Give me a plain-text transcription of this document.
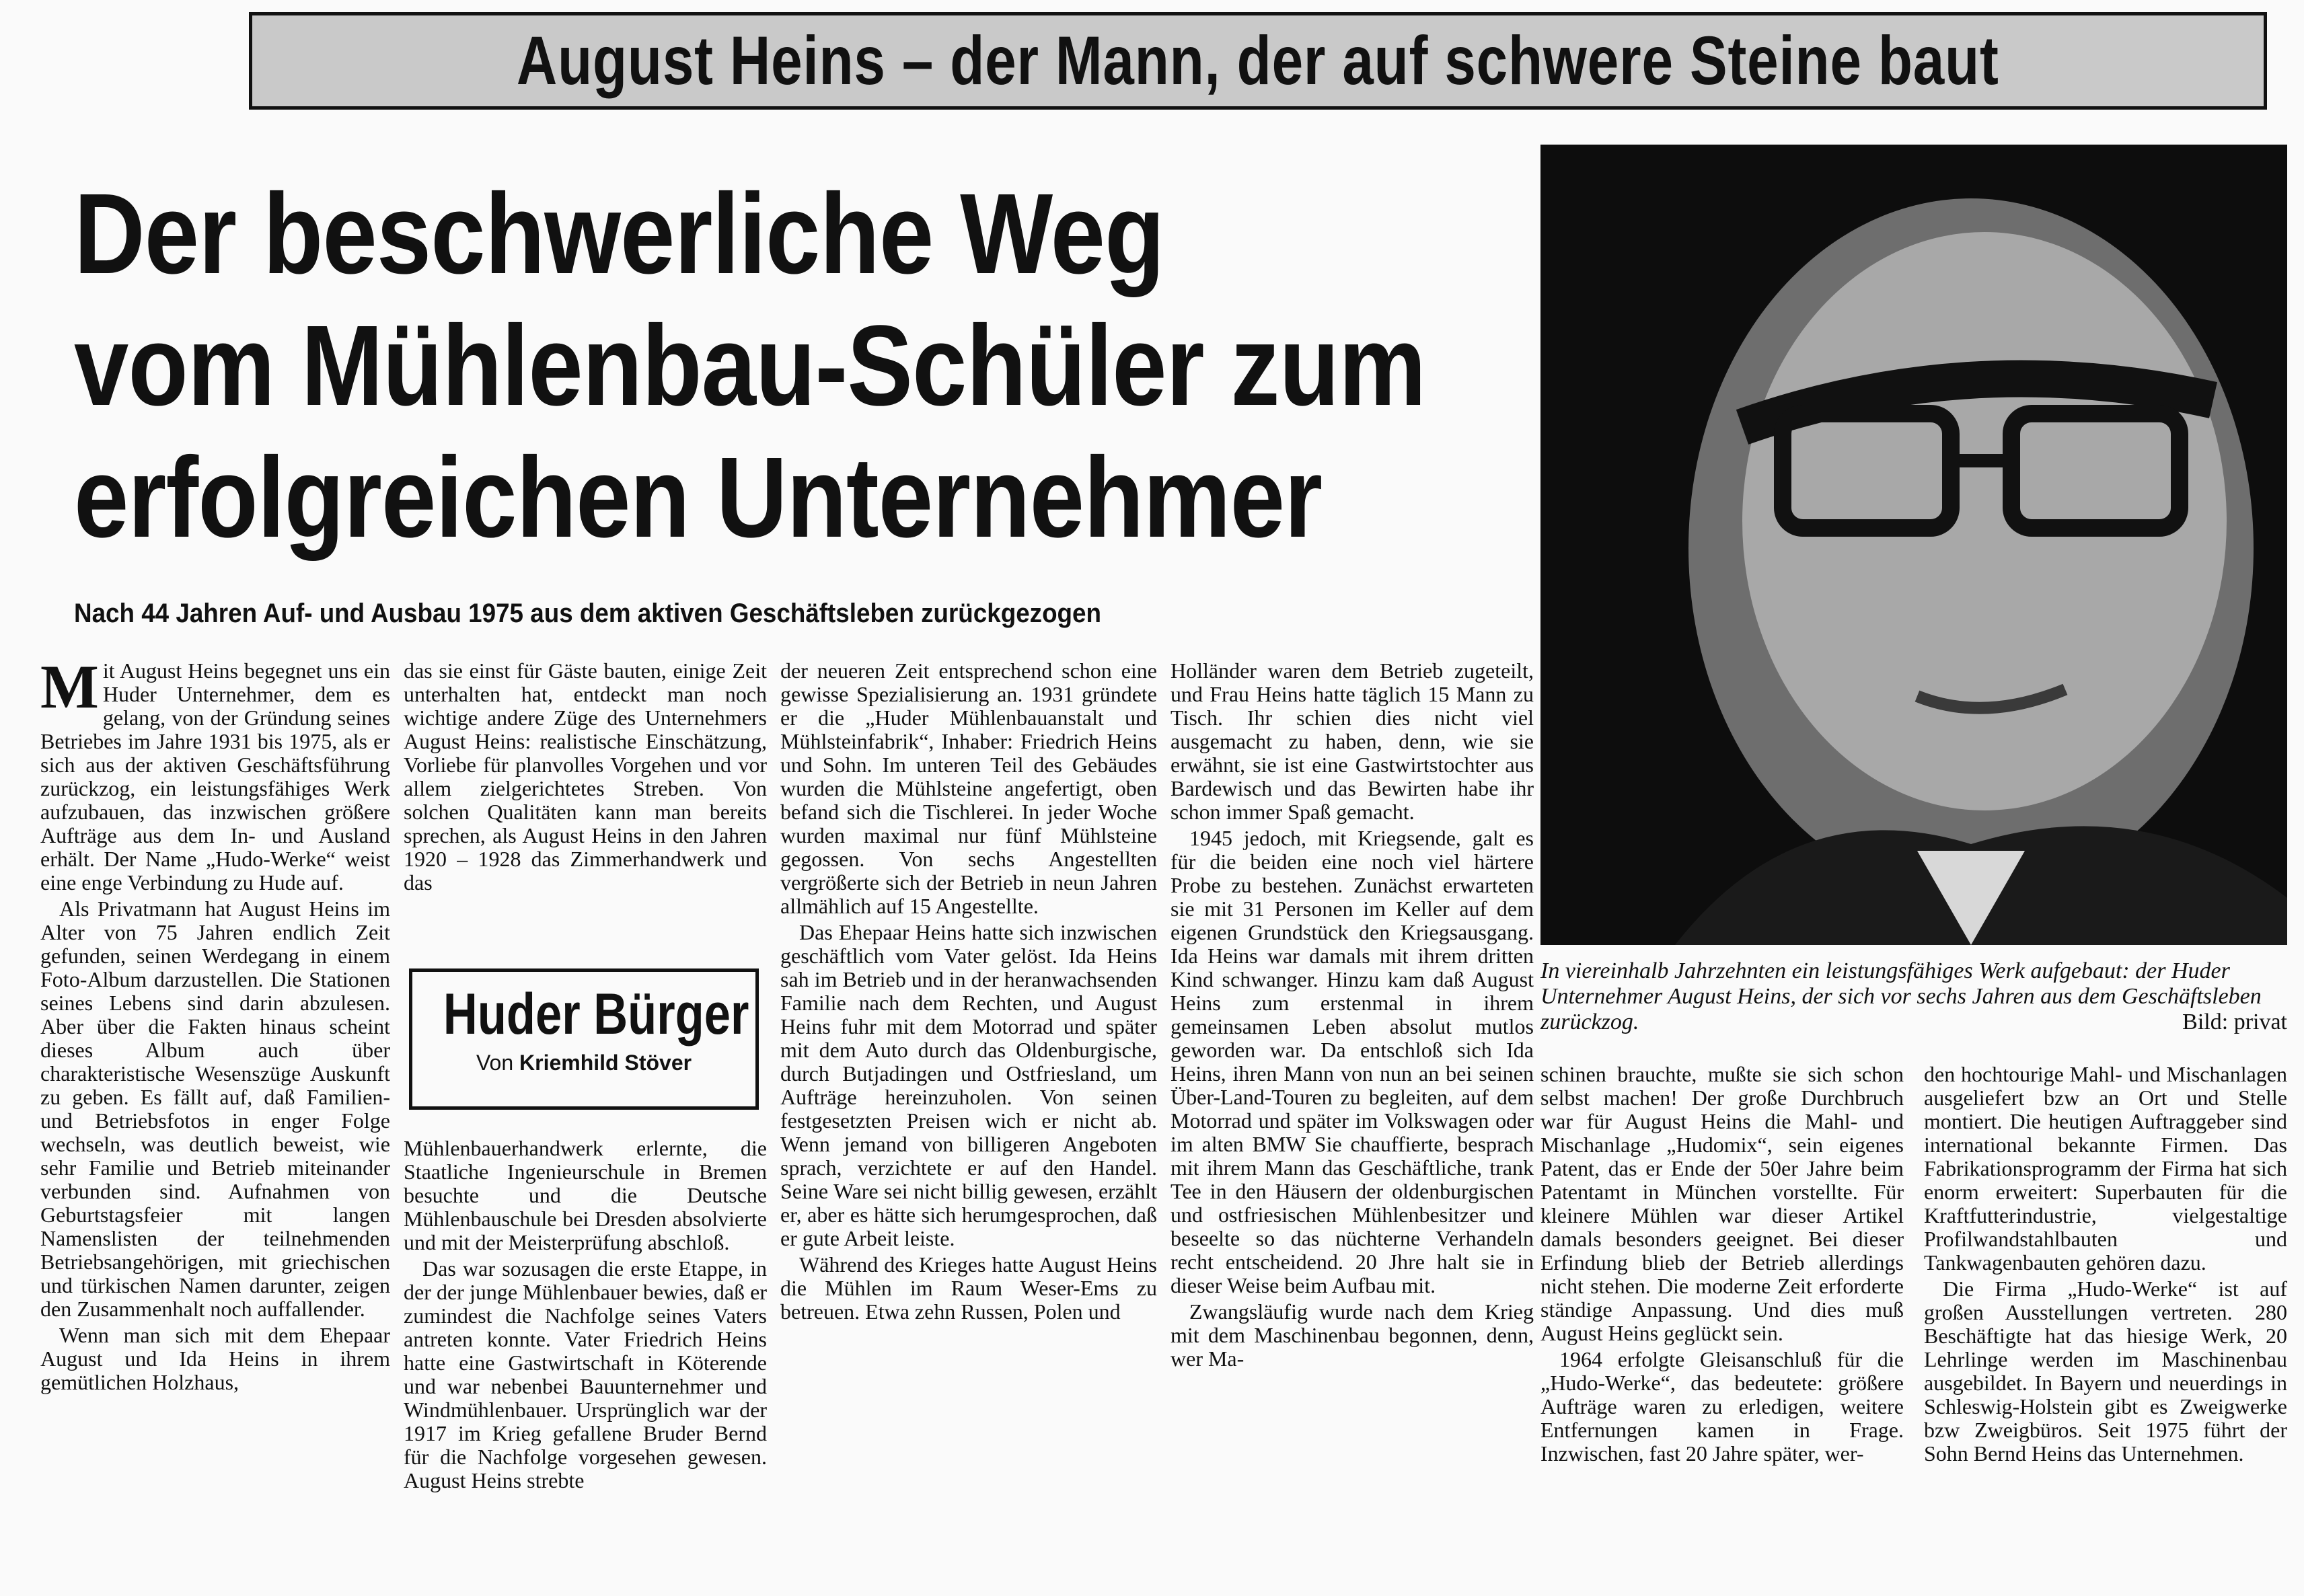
August Heins – der Mann, der auf schwere Steine baut
Der beschwerliche Weg
vom Mühlenbau-Schüler zum
erfolgreichen Unternehmer
Nach 44 Jahren Auf- und Ausbau 1975 aus dem aktiven Geschäftsleben zurückgezogen
In viereinhalb Jahrzehnten ein leistungsfähiges Werk aufgebaut: der Huder Unternehmer August Heins, der sich vor sechs Jahren aus dem Geschäftsleben zurückzog.	Bild: privat

Mit August Heins begegnet uns ein Huder Unternehmer, dem es gelang, von der Gründung seines Betriebes im Jahre 1931 bis 1975, als er sich aus der aktiven Geschäftsführung zurückzog, ein leistungsfähiges Werk aufzubauen, das inzwischen größere Aufträge aus dem In- und Ausland erhält. Der Name „Hudo-Werke“ weist eine enge Verbindung zu Hude auf.

Als Privatmann hat August Heins im Alter von 75 Jahren endlich Zeit gefunden, seinen Werdegang in einem Foto-Album darzustellen. Die Stationen seines Lebens sind darin abzulesen. Aber über die Fakten hinaus scheint dieses Album auch über charakteristische Wesenszüge Auskunft zu geben. Es fällt auf, daß Familien- und Betriebsfotos in enger Folge wechseln, was deutlich beweist, wie sehr Familie und Betrieb miteinander verbunden sind. Aufnahmen von Geburtstagsfeier mit langen Namenslisten der teilnehmenden Betriebsangehörigen, mit griechischen und türkischen Namen darunter, zeigen den Zusammenhalt noch auffallender.

Wenn man sich mit dem Ehepaar August und Ida Heins in ihrem gemütlichen Holzhaus,

das sie einst für Gäste bauten, einige Zeit unterhalten hat, entdeckt man noch wichtige andere Züge des Unternehmers August Heins: realistische Einschätzung, Vorliebe für planvolles Vorgehen und vor allem zielgerichtetes Streben. Von solchen Qualitäten kann man bereits sprechen, als August Heins in den Jahren 1920 – 1928 das Zimmerhandwerk und das

Huder Bürger
Von Kriemhild Stöver

Mühlenbauerhandwerk erlernte, die Staatliche Ingenieurschule in Bremen besuchte und die Deutsche Mühlenbauschule bei Dresden absolvierte und mit der Meisterprüfung abschloß.

Das war sozusagen die erste Etappe, in der der junge Mühlenbauer bewies, daß er zumindest die Nachfolge seines Vaters antreten konnte. Vater Friedrich Heins hatte eine Gastwirtschaft in Köterende und war nebenbei Bauunternehmer und Windmühlenbauer. Ursprünglich war der 1917 im Krieg gefallene Bruder Bernd für die Nachfolge vorgesehen gewesen. August Heins strebte

der neueren Zeit entsprechend schon eine gewisse Spezialisierung an. 1931 gründete er die „Huder Mühlenbauanstalt und Mühlsteinfabrik“, Inhaber: Friedrich Heins und Sohn. Im unteren Teil des Gebäudes wurden die Mühlsteine angefertigt, oben befand sich die Tischlerei. In jeder Woche wurden maximal nur fünf Mühlsteine gegossen. Von sechs Angestellten vergrößerte sich der Betrieb in neun Jahren allmählich auf 15 Angestellte.

Das Ehepaar Heins hatte sich inzwischen geschäftlich vom Vater gelöst. Ida Heins sah im Betrieb und in der heranwachsenden Familie nach dem Rechten, und August Heins fuhr mit dem Motorrad und später mit dem Auto durch das Oldenburgische, durch Butjadingen und Ostfriesland, um Aufträge hereinzuholen. Von seinen festgesetzten Preisen wich er nicht ab. Wenn jemand von billigeren Angeboten sprach, verzichtete er auf den Handel. Seine Ware sei nicht billig gewesen, erzählt er, aber es hätte sich herumgesprochen, daß er gute Arbeit leiste.

Während des Krieges hatte August Heins die Mühlen im Raum Weser-Ems zu betreuen. Etwa zehn Russen, Polen und

Holländer waren dem Betrieb zugeteilt, und Frau Heins hatte täglich 15 Mann zu Tisch. Ihr schien dies nicht viel ausgemacht zu haben, denn, wie sie erwähnt, sie ist eine Gastwirtstochter aus Bardewisch und das Bewirten habe ihr schon immer Spaß gemacht.

1945 jedoch, mit Kriegsende, galt es für die beiden eine noch viel härtere Probe zu bestehen. Zunächst erwarteten sie mit 31 Personen im Keller auf dem eigenen Grundstück den Kriegsausgang. Ida Heins war damals mit ihrem dritten Kind schwanger. Hinzu kam daß August Heins zum erstenmal in ihrem gemeinsamen Leben absolut mutlos geworden war. Da entschloß sich Ida Heins, ihren Mann von nun an bei seinen Über-Land-Touren zu begleiten, auf dem Motorrad und später im Volkswagen oder im alten BMW Sie chauffierte, besprach mit ihrem Mann das Geschäftliche, trank Tee in den Häusern der oldenburgischen und ostfriesischen Mühlenbesitzer und beseelte so das nüchterne Verhandeln recht entscheidend. 20 Jhre halt sie in dieser Weise beim Aufbau mit.

Zwangsläufig wurde nach dem Krieg mit dem Maschinenbau begonnen, denn, wer Ma-

schinen brauchte, mußte sie sich schon selbst machen! Der große Durchbruch war für August Heins die Mahl- und Mischanlage „Hudomix“, sein eigenes Patent, das er Ende der 50er Jahre beim Patentamt in München vorstellte. Für kleinere Mühlen war dieser Artikel damals besonders geeignet. Bei dieser Erfindung blieb der Betrieb allerdings nicht stehen. Die moderne Zeit erforderte ständige Anpassung. Und dies muß August Heins geglückt sein.

1964 erfolgte Gleisanschluß für die „Hudo-Werke“, das bedeutete: größere Aufträge waren zu erledigen, weitere Entfernungen kamen in Frage. Inzwischen, fast 20 Jahre später, wer-

den hochtourige Mahl- und Mischanlagen ausgeliefert bzw an Ort und Stelle montiert. Die heutigen Auftraggeber sind international bekannte Firmen. Das Fabrikationsprogramm der Firma hat sich enorm erweitert: Superbauten für die Kraftfutterindustrie, vielgestaltige Profilwandstahlbauten und Tankwagenbauten gehören dazu.

Die Firma „Hudo-Werke“ ist auf großen Ausstellungen vertreten. 280 Beschäftigte hat das hiesige Werk, 20 Lehrlinge werden im Maschinenbau ausgebildet. In Bayern und neuerdings in Schleswig-Holstein gibt es Zweigwerke bzw Zweigbüros. Seit 1975 führt der Sohn Bernd Heins das Unternehmen.
